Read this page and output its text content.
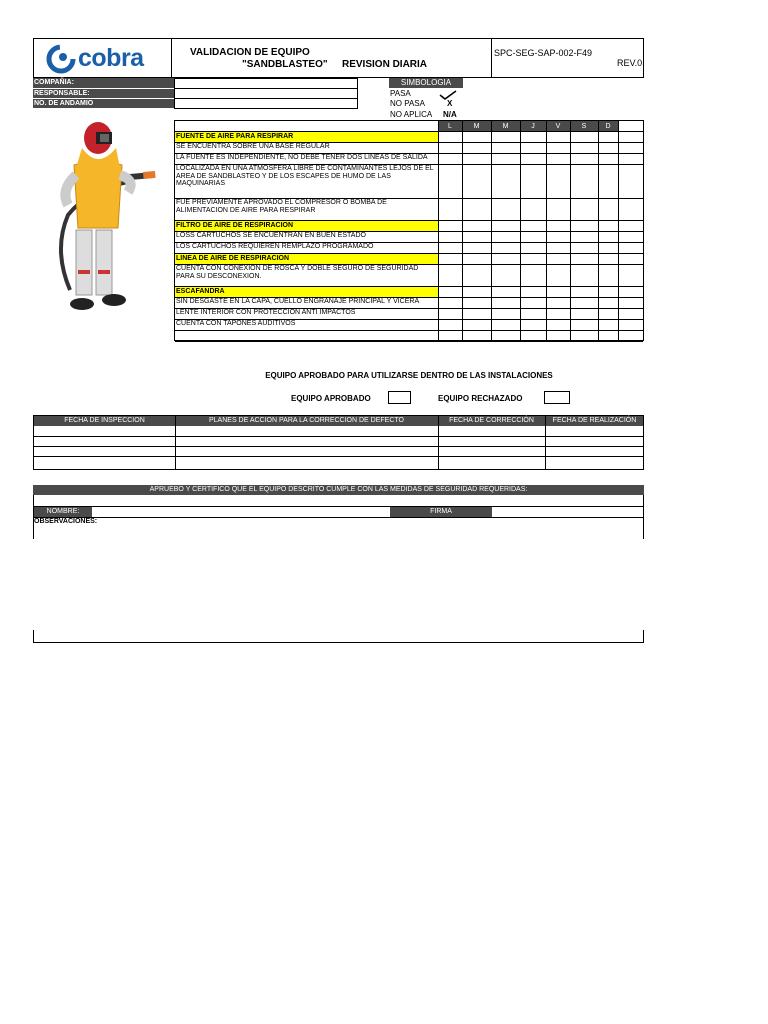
cobra	VALIDACION DE EQUIPO
"SANDBLASTEO" REVISION DIARIA
SPC-SEG-SAP-002-F49
REV.0
COMPAÑIA:
RESPONSABLE:
NO. DE ANDAMIO
SIMBOLOGIA
PASA
NO PASA	X
NO APLICA N/A
L	M	M	J	V	S	D
FUENTE DE AIRE PARA RESPIRAR
SE ENCUENTRA SOBRE UNA BASE REGULAR
LA FUENTE ES INDEPENDIENTE, NO DEBE TENER DOS LINEAS DE SALIDA
LOCALIZADA EN UNA ATMOSFERA LIBRE DE CONTAMINANTES LEJOS DE EL AREA DE SANDBLASTEO Y DE LOS ESCAPES DE HUMO DE LAS MAQUINARIAS
FUE PREVIAMENTE APROVADO EL COMPRESOR O BOMBA DE ALIMENTACION DE AIRE PARA RESPIRAR
FILTRO DE AIRE DE RESPIRACION
LOSS CARTUCHOS SE ENCUENTRAN EN BUEN ESTADO
LOS CARTUCHOS REQUIEREN REMPLAZO PROGRAMADO
LINEA DE AIRE DE RESPIRACION
CUENTA CON CONEXIÓN DE ROSCA Y DOBLE SEGURO DE SEGURIDAD PARA SU DESCONEXION.
ESCAFANDRA
SIN DESGASTE EN LA CAPA, CUELLO ENGRANAJE PRINCIPAL Y VICERA
LENTE INTERIOR CON PROTECCION ANTI IMPACTOS
CUENTA CON TAPONES AUDITIVOS
EQUIPO APROBADO PARA UTILIZARSE DENTRO DE LAS INSTALACIONES
EQUIPO APROBADO	EQUIPO RECHAZADO
FECHA DE INSPECCION	PLANES DE ACCION PARA LA CORRECCION DE DEFECTO	FECHA DE CORRECCIÓN	FECHA DE REALIZACIÓN
APRUEBO Y CERTIFICO QUE EL EQUIPO DESCRITO CUMPLE CON LAS MEDIDAS DE SEGURIDAD REQUERIDAS:
NOMBRE:	FIRMA
OBSERVACIONES:
